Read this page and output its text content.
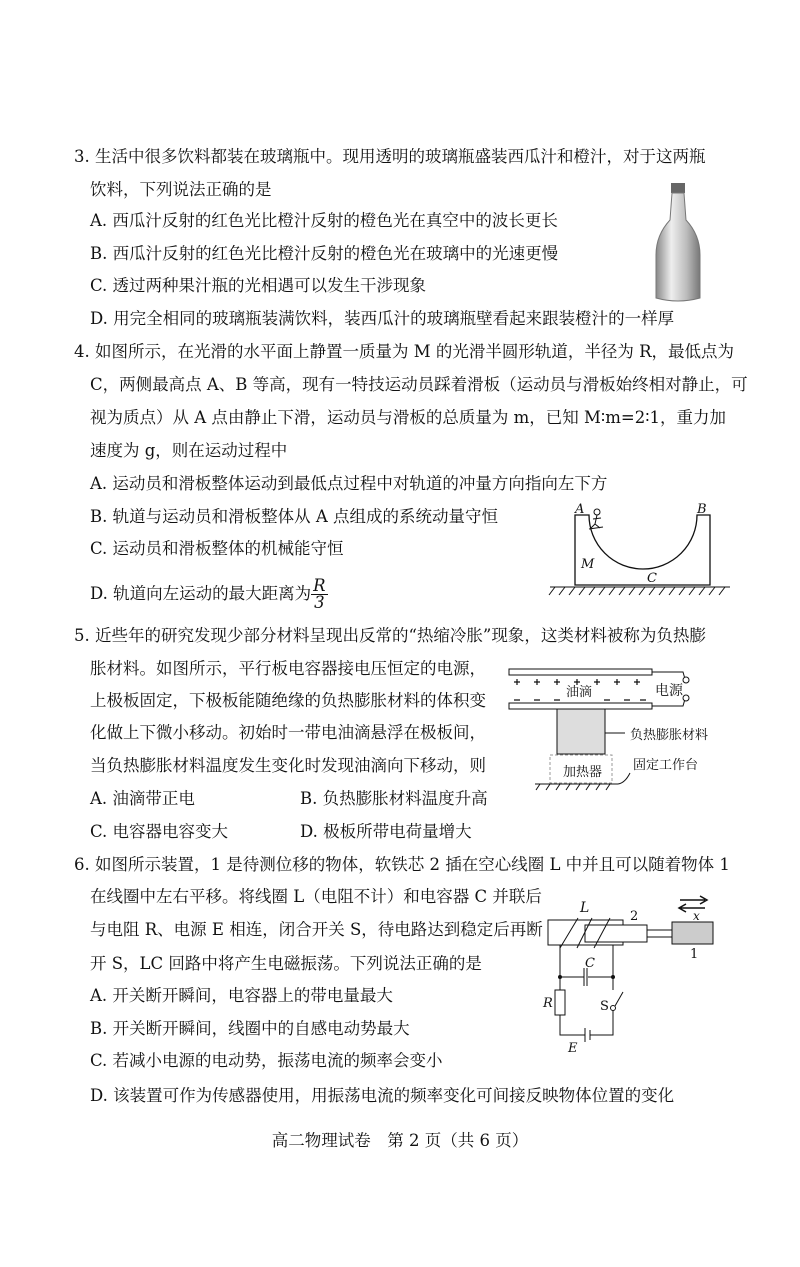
3. 生活中很多饮料都装在玻璃瓶中。现用透明的玻璃瓶盛装西瓜汁和橙汁，对于这两瓶
饮料，下列说法正确的是
A. 西瓜汁反射的红色光比橙汁反射的橙色光在真空中的波长更长
B. 西瓜汁反射的红色光比橙汁反射的橙色光在玻璃中的光速更慢
C. 透过两种果汁瓶的光相遇可以发生干涉现象
D. 用完全相同的玻璃瓶装满饮料，装西瓜汁的玻璃瓶壁看起来跟装橙汁的一样厚
4. 如图所示，在光滑的水平面上静置一质量为 M 的光滑半圆形轨道，半径为 R，最低点为
C，两侧最高点 A、B 等高，现有一特技运动员踩着滑板（运动员与滑板始终相对静止，可
视为质点）从 A 点由静止下滑，运动员与滑板的总质量为 m，已知 M∶m=2∶1，重力加
速度为 g，则在运动过程中
A. 运动员和滑板整体运动到最低点过程中对轨道的冲量方向指向左下方
B. 轨道与运动员和滑板整体从 A 点组成的系统动量守恒
C. 运动员和滑板整体的机械能守恒
D. 轨道向左运动的最大距离为 $\frac{R}{3}$
A	B
M
C
5. 近些年的研究发现少部分材料呈现出反常的“热缩冷胀”现象，这类材料被称为负热膨
胀材料。如图所示，平行板电容器接电压恒定的电源，
上极板固定，下极板能随绝缘的负热膨胀材料的体积变
化做上下微小移动。初始时一带电油滴悬浮在极板间，
当负热膨胀材料温度发生变化时发现油滴向下移动，则
A. 油滴带正电	B. 负热膨胀材料温度升高
C. 电容器电容变大	D. 极板所带电荷量增大
油滴	电源
负热膨胀材料
加热器 固定工作台
6. 如图所示装置，1 是待测位移的物体，软铁芯 2 插在空心线圈 L 中并且可以随着物体 1
在线圈中左右平移。将线圈 L（电阻不计）和电容器 C 并联后
与电阻 R、电源 E 相连，闭合开关 S，待电路达到稳定后再断
开 S，LC 回路中将产生电磁振荡。下列说法正确的是
A. 开关断开瞬间，电容器上的带电量最大
B. 开关断开瞬间，线圈中的自感电动势最大
C. 若减小电源的电动势，振荡电流的频率会变小
D. 该装置可作为传感器使用，用振荡电流的频率变化可间接反映物体位置的变化
L
2
1
x
C
R	S
E
高二物理试卷　第 2 页（共 6 页）
